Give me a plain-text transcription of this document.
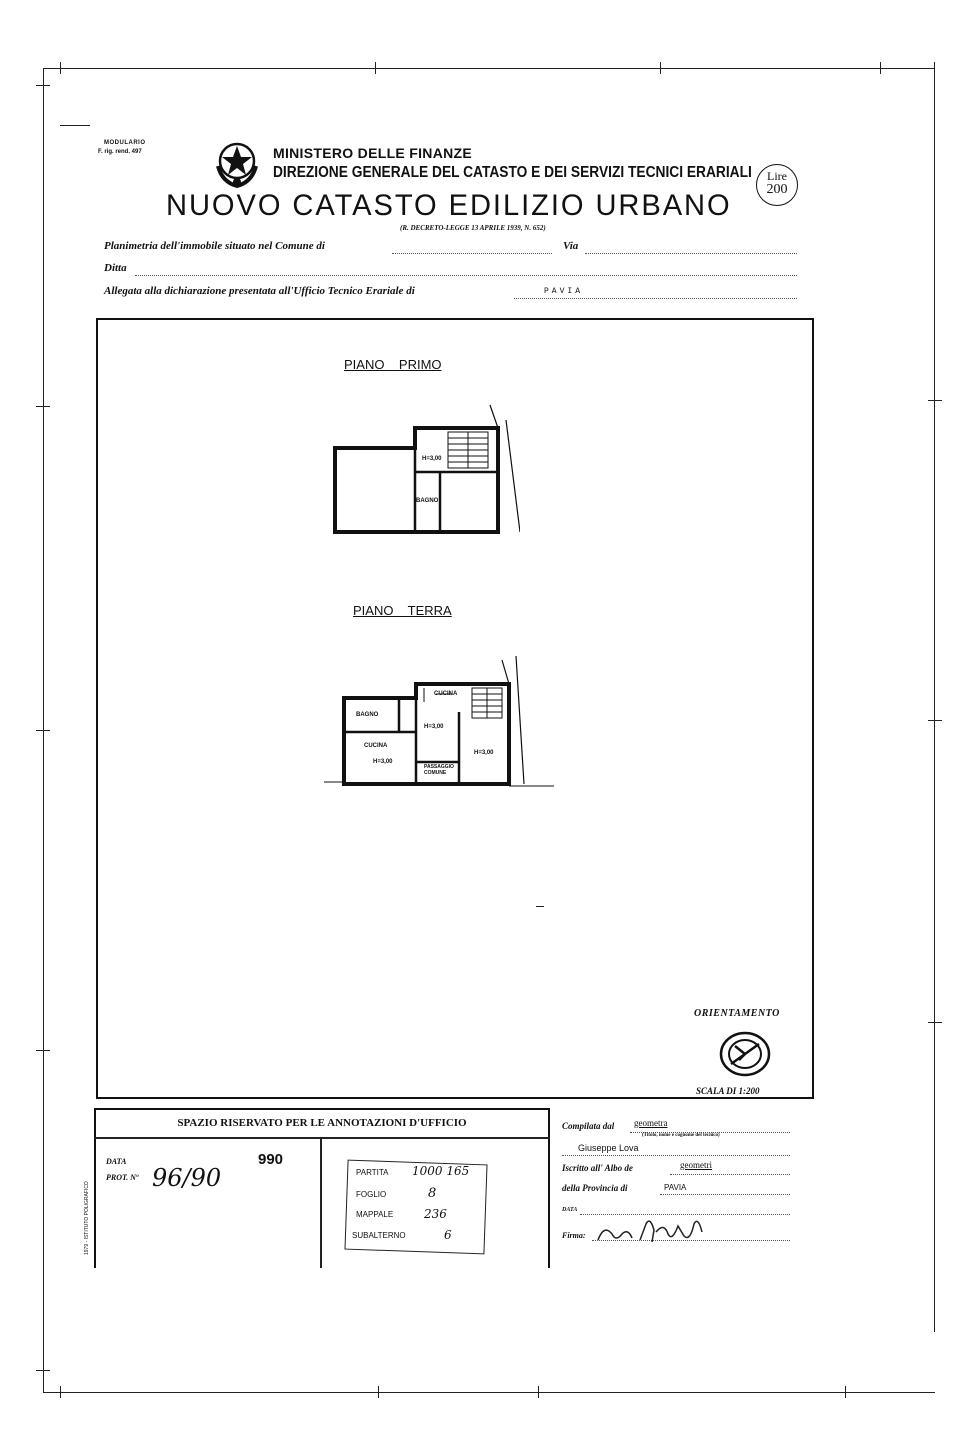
MODULARIO
F. rig. rend. 497	MINISTERO DELLE FINANZE
DIREZIONE GENERALE DEL CATASTO E DEI SERVIZI TECNICI ERARIALI
NUOVO CATASTO EDILIZIO URBANO
(R. DECRETO-LEGGE 13 APRILE 1939, N. 652)
Lire
200
Planimetria dell'immobile situato nel Comune di	Via
Ditta
Allegata alla dichiarazione presentata all'Ufficio Tecnico Erariale di	PAVIA
PIANO    PRIMO
H=3,00
BAGNO
PIANO    TERRA
CUCINA
BAGNO
H=3,00
CUCINA
H=3,00
H=3,00
PASSAGGIO COMUNE
ORIENTAMENTO
SCALA DI 1:200
SPAZIO RISERVATO PER LE ANNOTAZIONI D'UFFICIO
DATA	990
PROT. Nº 96/90
1979 - ISTITUTO POLIGRAFICO
PARTITA 1000 165
FOGLIO	8
MAPPALE	236
SUBALTERNO	6
Compilata dal geometra
(Titolo, nome e cognome del tecnico)
Giuseppe Lova
Iscritto all' Albo de	geometri
della Provincia di	PAVIA
DATA
Firma:
